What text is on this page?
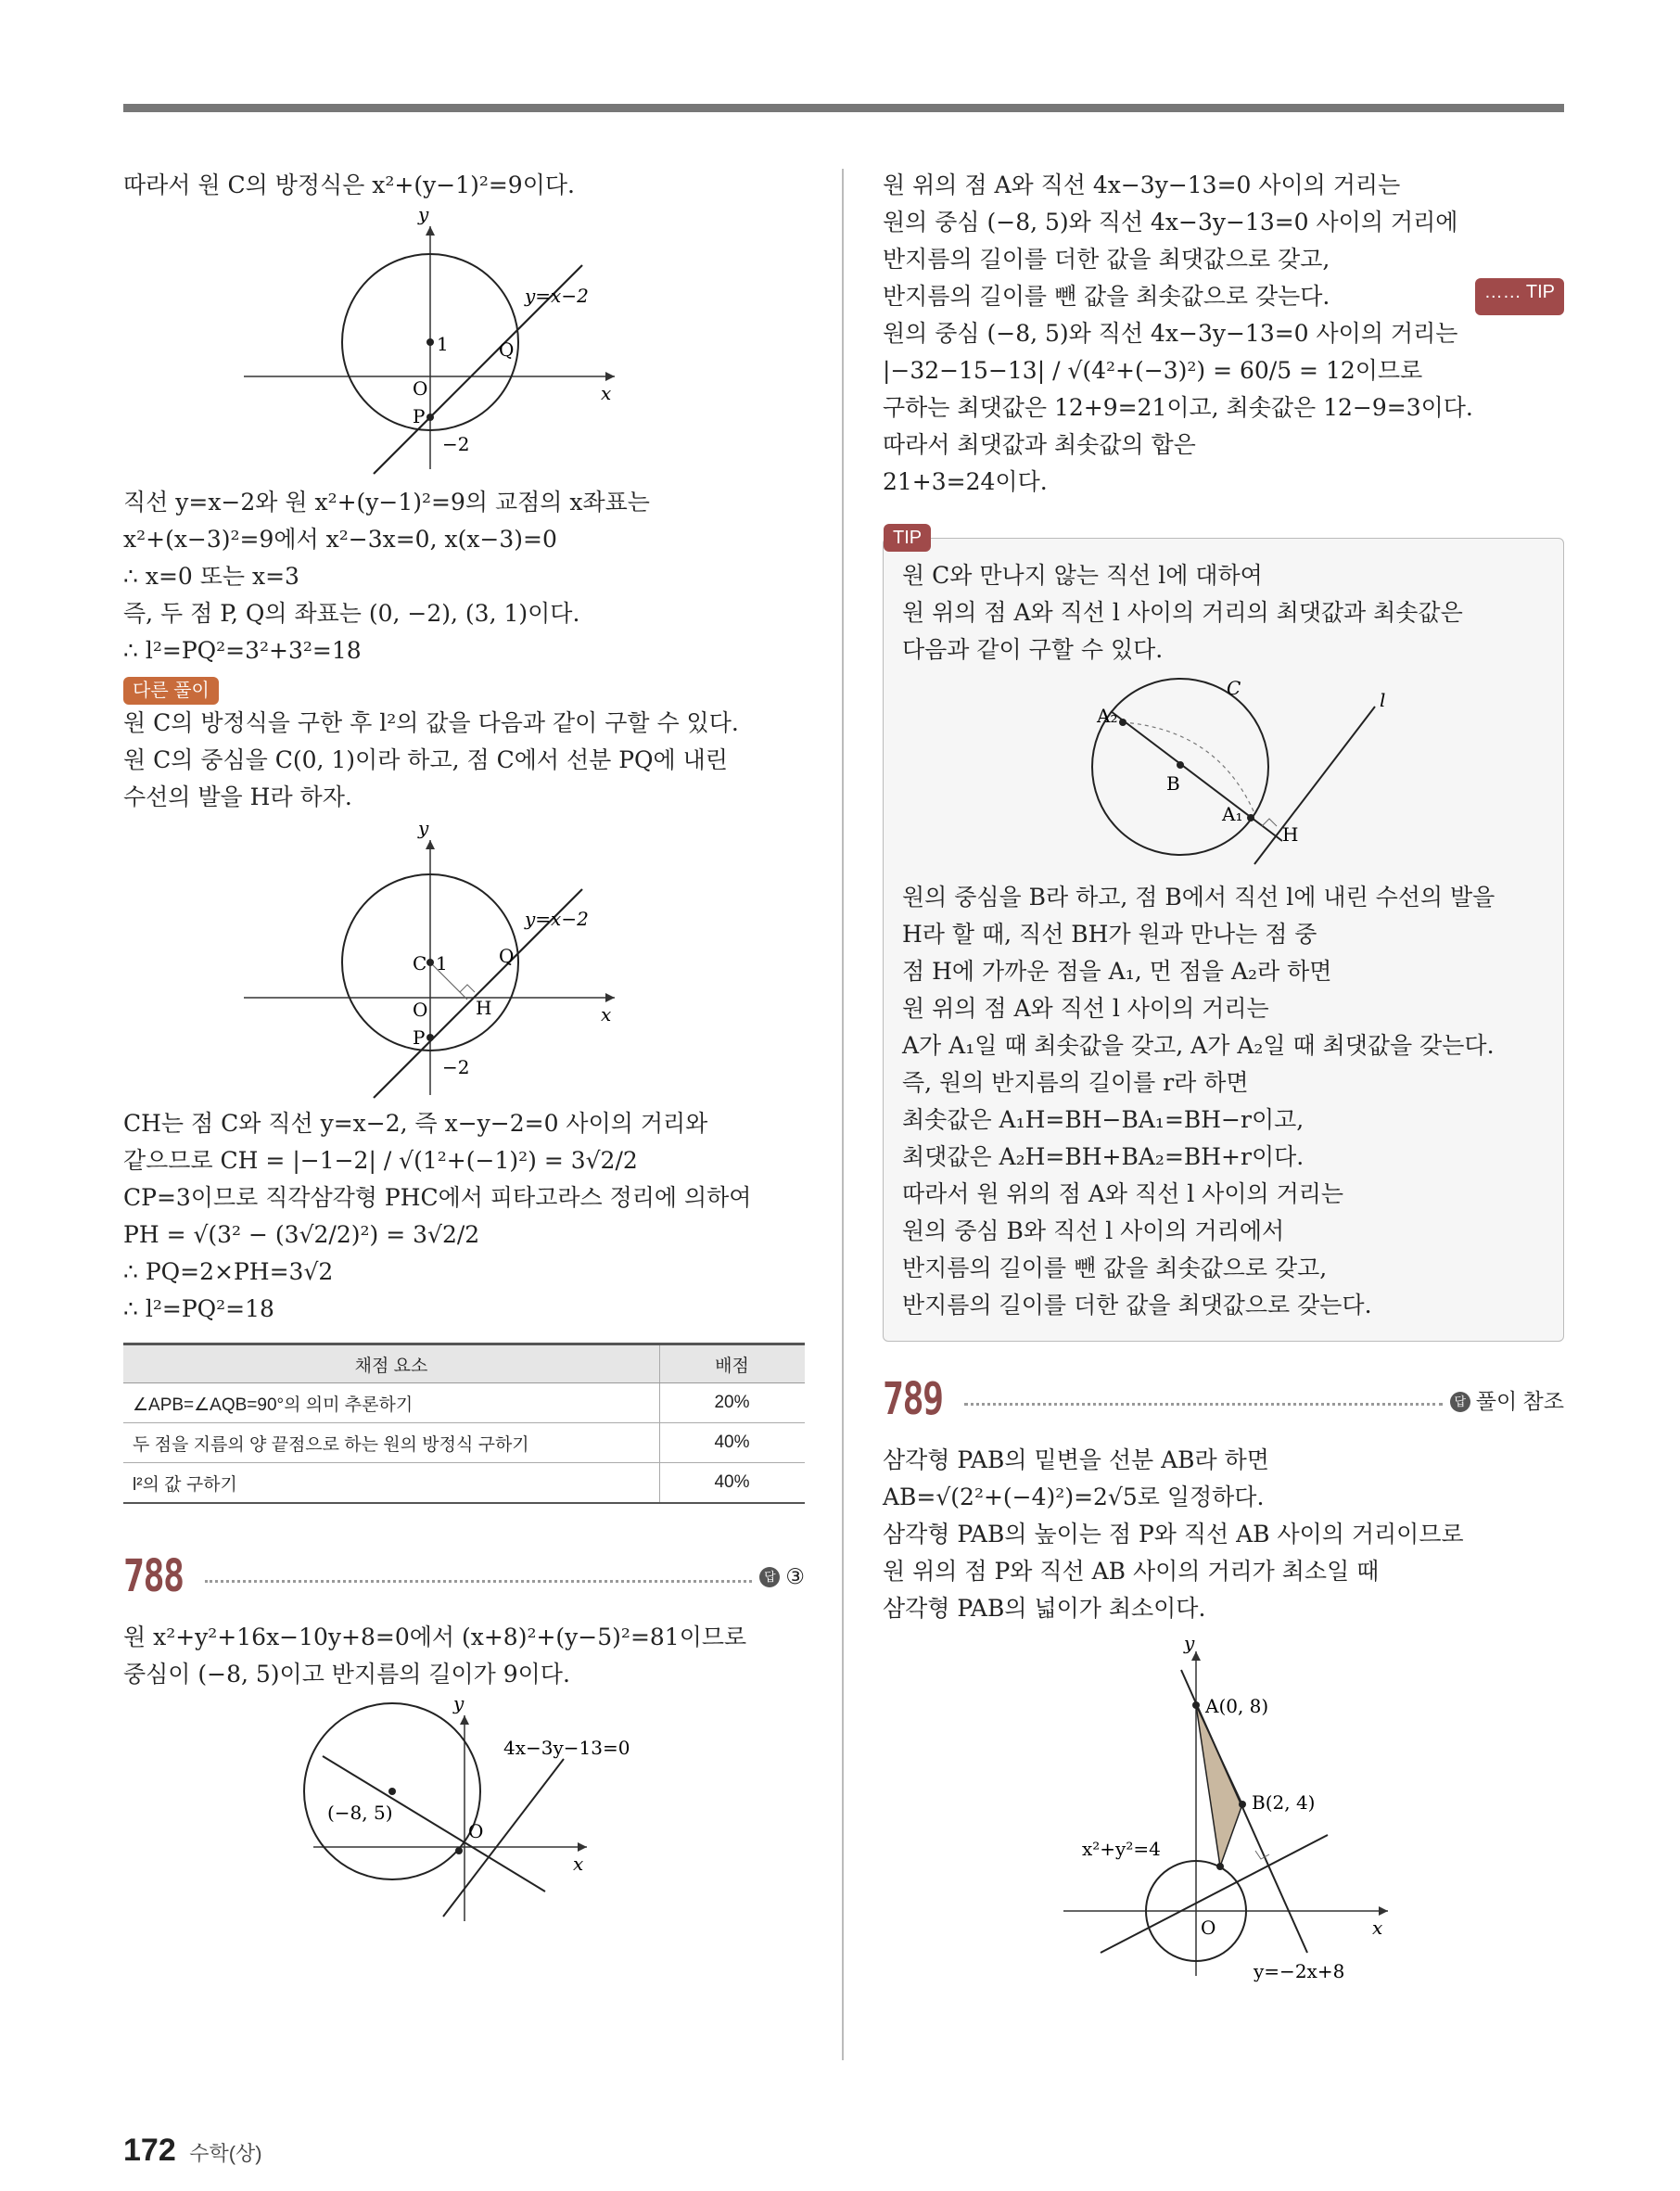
따라서 원 C의 방정식은 x²+(y−1)²=9이다.
y
x
y=x−2
1
O
P
Q
−2
직선 y=x−2와 원 x²+(y−1)²=9의 교점의 x좌표는
x²+(x−3)²=9에서 x²−3x=0, x(x−3)=0
∴ x=0 또는 x=3
즉, 두 점 P, Q의 좌표는 (0, −2), (3, 1)이다.
∴ l²=PQ²=3²+3²=18
다른 풀이
원 C의 방정식을 구한 후 l²의 값을 다음과 같이 구할 수 있다.
원 C의 중심을 C(0, 1)이라 하고, 점 C에서 선분 PQ에 내린
수선의 발을 H라 하자.
y
x
y=x−2
C 1
O
P
Q
H
−2
CH는 점 C와 직선 y=x−2, 즉 x−y−2=0 사이의 거리와
같으므로 CH = |−1−2| / √(1²+(−1)²) = 3√2/2
CP=3이므로 직각삼각형 PHC에서 피타고라스 정리에 의하여
PH = √(3² − (3√2/2)²) = 3√2/2
∴ PQ=2×PH=3√2
∴ l²=PQ²=18
채점 요소	배점
∠APB=∠AQB=90°의 의미 추론하기	20%
두 점을 지름의 양 끝점으로 하는 원의 방정식 구하기	40%
l²의 값 구하기	40%
788	답 ③
원 x²+y²+16x−10y+8=0에서 (x+8)²+(y−5)²=81이므로
중심이 (−8, 5)이고 반지름의 길이가 9이다.
y
x
4x−3y−13=0
(−8, 5)
O
원 위의 점 A와 직선 4x−3y−13=0 사이의 거리는
원의 중심 (−8, 5)와 직선 4x−3y−13=0 사이의 거리에
반지름의 길이를 더한 값을 최댓값으로 갖고,
반지름의 길이를 뺀 값을 최솟값으로 갖는다.	…… TIP
원의 중심 (−8, 5)와 직선 4x−3y−13=0 사이의 거리는
|−32−15−13| / √(4²+(−3)²) = 60/5 = 12이므로
구하는 최댓값은 12+9=21이고, 최솟값은 12−9=3이다.
따라서 최댓값과 최솟값의 합은
21+3=24이다.
TIP
원 C와 만나지 않는 직선 l에 대하여
원 위의 점 A와 직선 l 사이의 거리의 최댓값과 최솟값은
다음과 같이 구할 수 있다.
C
l
A₂
B
A₁
H
원의 중심을 B라 하고, 점 B에서 직선 l에 내린 수선의 발을
H라 할 때, 직선 BH가 원과 만나는 점 중
점 H에 가까운 점을 A₁, 먼 점을 A₂라 하면
원 위의 점 A와 직선 l 사이의 거리는
A가 A₁일 때 최솟값을 갖고, A가 A₂일 때 최댓값을 갖는다.
즉, 원의 반지름의 길이를 r라 하면
최솟값은 A₁H=BH−BA₁=BH−r이고,
최댓값은 A₂H=BH+BA₂=BH+r이다.
따라서 원 위의 점 A와 직선 l 사이의 거리는
원의 중심 B와 직선 l 사이의 거리에서
반지름의 길이를 뺀 값을 최솟값으로 갖고,
반지름의 길이를 더한 값을 최댓값으로 갖는다.
789	답 풀이 참조
삼각형 PAB의 밑변을 선분 AB라 하면
AB=√(2²+(−4)²)=2√5로 일정하다.
삼각형 PAB의 높이는 점 P와 직선 AB 사이의 거리이므로
원 위의 점 P와 직선 AB 사이의 거리가 최소일 때
삼각형 PAB의 넓이가 최소이다.
y
x
A(0, 8)
B(2, 4)
x²+y²=4
O
y=−2x+8
172 수학(상)
